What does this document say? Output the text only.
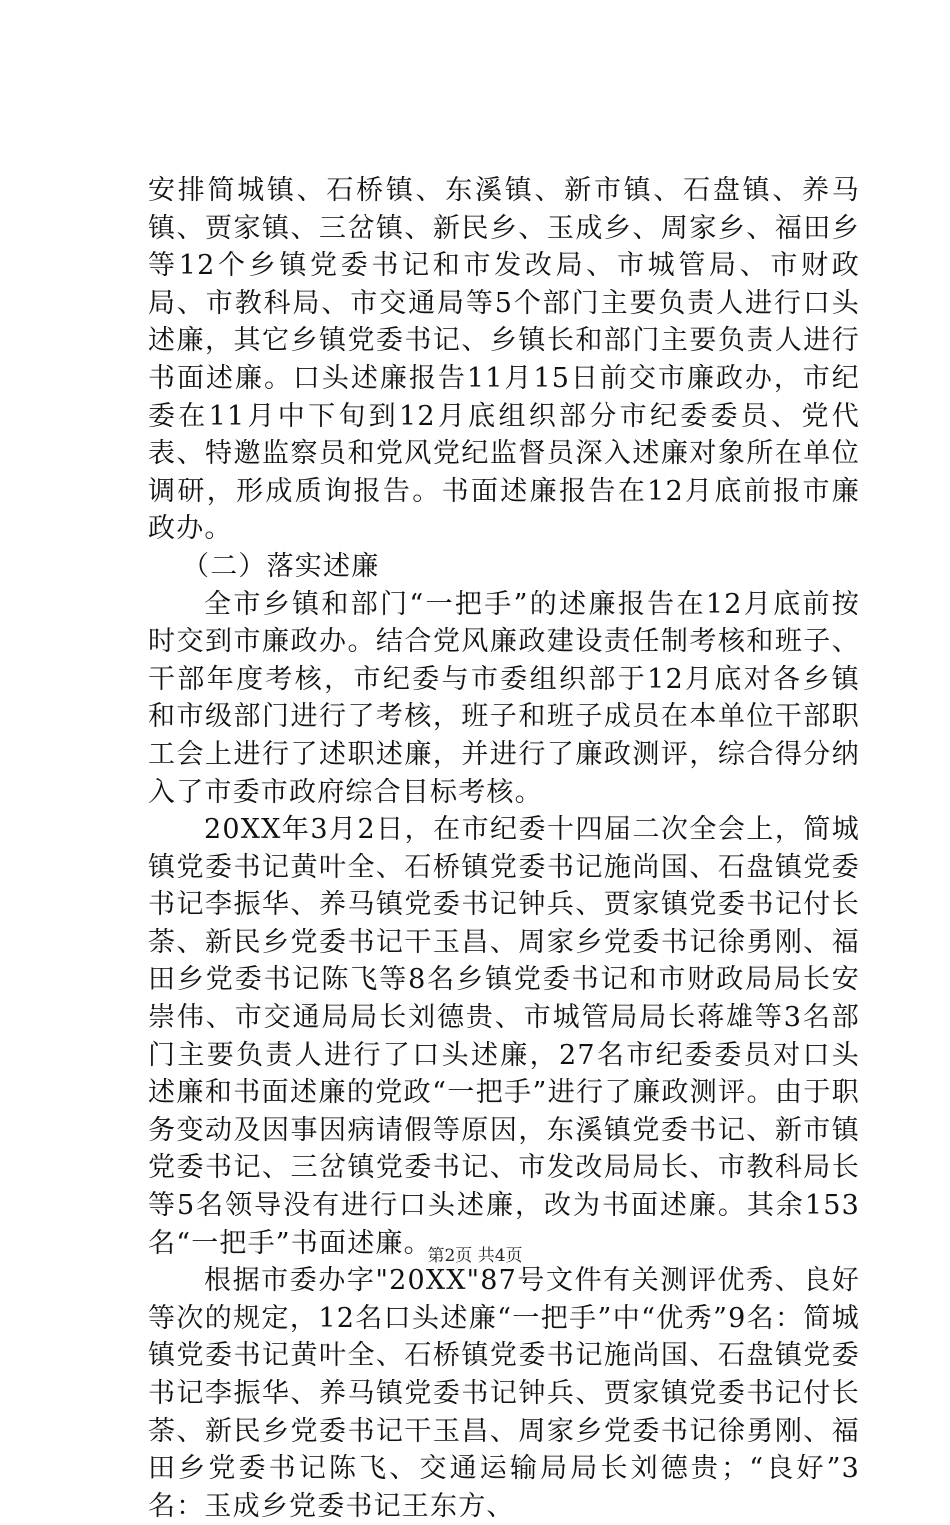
安排简城镇、石桥镇、东溪镇、新市镇、石盘镇、养马镇、贾家镇、三岔镇、新民乡、玉成乡、周家乡、福田乡等12个乡镇党委书记和市发改局、市城管局、市财政局、市教科局、市交通局等5个部门主要负责人进行口头述廉，其它乡镇党委书记、乡镇长和部门主要负责人进行书面述廉。口头述廉报告11月15日前交市廉政办，市纪委在11月中下旬到12月底组织部分市纪委委员、党代表、特邀监察员和党风党纪监督员深入述廉对象所在单位调研，形成质询报告。书面述廉报告在12月底前报市廉政办。

（二）落实述廉

全市乡镇和部门“一把手”的述廉报告在12月底前按时交到市廉政办。结合党风廉政建设责任制考核和班子、干部年度考核，市纪委与市委组织部于12月底对各乡镇和市级部门进行了考核，班子和班子成员在本单位干部职工会上进行了述职述廉，并进行了廉政测评，综合得分纳入了市委市政府综合目标考核。

20XX年3月2日，在市纪委十四届二次全会上，简城镇党委书记黄叶全、石桥镇党委书记施尚国、石盘镇党委书记李振华、养马镇党委书记钟兵、贾家镇党委书记付长荼、新民乡党委书记干玉昌、周家乡党委书记徐勇刚、福田乡党委书记陈飞等8名乡镇党委书记和市财政局局长安崇伟、市交通局局长刘德贵、市城管局局长蒋雄等3名部门主要负责人进行了口头述廉，27名市纪委委员对口头述廉和书面述廉的党政“一把手”进行了廉政测评。由于职务变动及因事因病请假等原因，东溪镇党委书记、新市镇党委书记、三岔镇党委书记、市发改局局长、市教科局长等5名领导没有进行口头述廉，改为书面述廉。其余153名“一把手”书面述廉。

根据市委办字"20XX"87号文件有关测评优秀、良好等次的规定，12名口头述廉“一把手”中“优秀”9名：简城镇党委书记黄叶全、石桥镇党委书记施尚国、石盘镇党委书记李振华、养马镇党委书记钟兵、贾家镇党委书记付长荼、新民乡党委书记干玉昌、周家乡党委书记徐勇刚、福田乡党委书记陈飞、交通运输局局长刘德贵；“良好”3名：玉成乡党委书记王东方、

第2页 共4页
